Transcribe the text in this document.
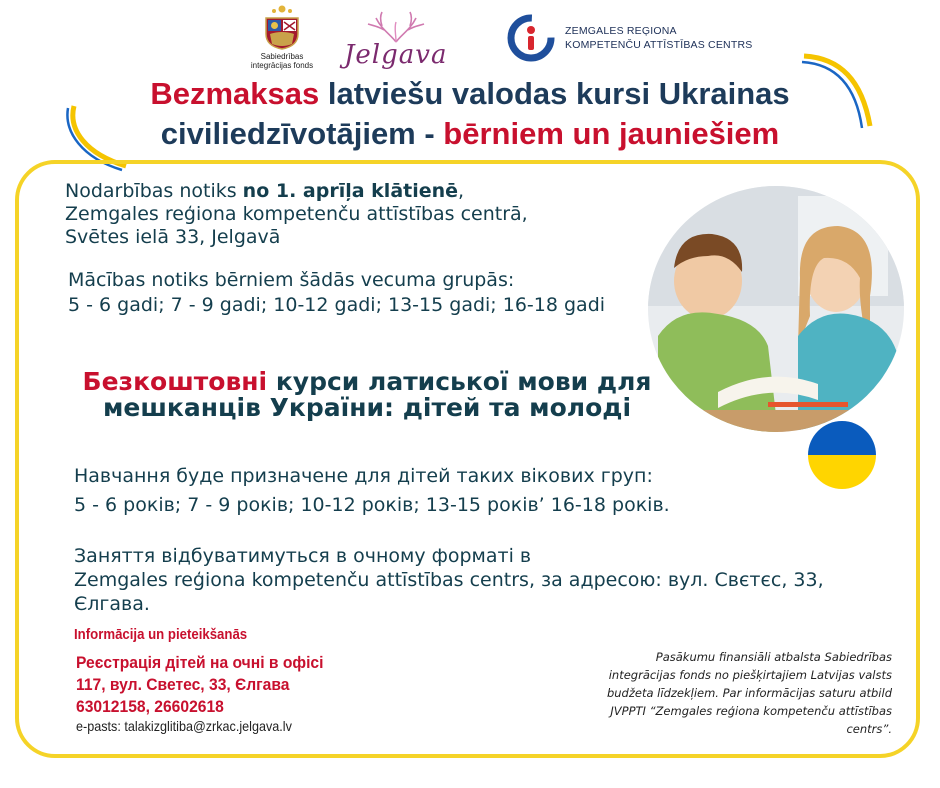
Sabiedrības integrācijas fonds Jelgava
ZEMGALES REĢIONA
KOMPETENČU ATTĪSTĪBAS CENTRS
Bezmaksas latviešu valodas kursi Ukrainas
civiliedzīvotājiem - bērniem un jauniešiem
Nodarbības notiks no 1. aprīļa klātienē,
Zemgales reģiona kompetenču attīstības centrā,
Svētes ielā 33, Jelgavā
Mācības notiks bērniem šādās vecuma grupās:
5 - 6 gadi; 7 - 9 gadi; 10-12 gadi; 13-15 gadi; 16-18 gadi
Безкоштовні курси латиської мови для мешканців України: дітей та молоді
Навчання буде призначене для дітей таких вікових груп:
5 - 6 років; 7 - 9 років; 10-12 років; 13-15 років’ 16-18 років.
Заняття відбуватимуться в очному форматі в
Zemgales reģiona kompetenču attīstības centrs, за адресою: вул. Свєтєс, 33, Єлгава.
Informācija un pieteikšanās
Реєстрація дітей на очні в офісі
117, вул. Светес, 33, Єлгава
63012158, 26602618
e-pasts: talakizglitiba@zrkac.jelgava.lv
Pasākumu finansiāli atbalsta Sabiedrības integrācijas fonds no piešķirtajiem Latvijas valsts budžeta līdzekļiem. Par informācijas saturu atbild JVPPTI “Zemgales reģiona kompetenču attīstības centrs”.
